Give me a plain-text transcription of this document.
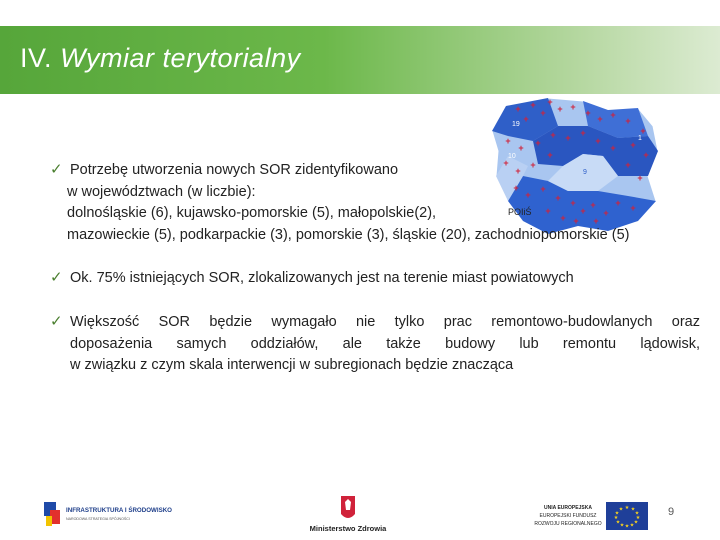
IV. Wymiar terytorialny
+ +
+
+
+
+ +
+
+ +
+
+
+
+ +
+ + +
+
+ +
+
+
+
+
+
+
+
+
+
+
+ +
+
+
+
+ +
+ + +
+
19
10
9
1
POIiŚ
✓ Potrzebę utworzenia nowych SOR zidentyfikowano
w województwach (w liczbie):
dolnośląskie (6), kujawsko-pomorskie (5), małopolskie(2),
mazowieckie (5), podkarpackie (3), pomorskie (3), śląskie (20), zachodniopomorskie (5)
✓ Ok. 75% istniejących SOR, zlokalizowanych jest na terenie miast powiatowych
✓ Większość SOR będzie wymagało nie tylko prac remontowo-budowlanych oraz
doposażenia samych oddziałów, ale także budowy lub remontu lądowisk,
w związku z czym skala interwencji w subregionach będzie znacząca
INFRASTRUKTURA I ŚRODOWISKO
NARODOWA STRATEGIA SPÓJNOŚCI
Ministerstwo Zdrowia
UNIA EUROPEJSKA
EUROPEJSKI FUNDUSZ
ROZWOJU REGIONALNEGO
★ ★
★
★
★
★
★
★
★
★
★
★	9
